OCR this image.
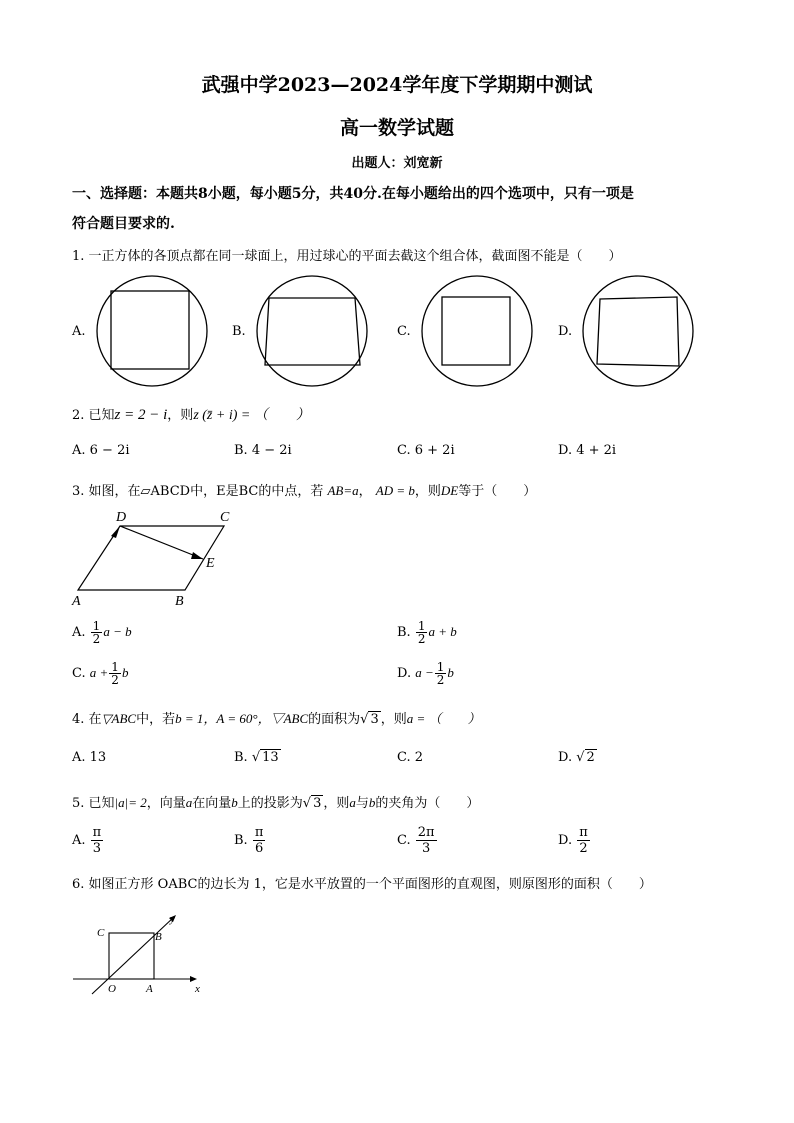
武强中学2023—2024学年度下学期期中测试
高一数学试题
出题人：刘宽新
一、选择题：本题共8小题，每小题5分，共40分.在每小题给出的四个选项中，只有一项是
符合题目要求的.
1. 一正方体的各顶点都在同一球面上，用过球心的平面去截这个组合体，截面图不能是（　　）
A.	B.	C.	D.
2. 已知z = 2 − i，则z (z̄ + i) = （　　）
A. 6 − 2i	B. 4 − 2i	C. 6 + 2i	D. 4 + 2i
3. 如图，在▱ABCD中，E是BC的中点，若 AB=a， AD = b，则DE等于（　　）
D	C
E
A	B
A. $\frac{1}{2}$ a − b	B. $\frac{1}{2}$ a + b
C. $a + \frac{1}{2}$ b	D. $a - \frac{1}{2}$ b
4. 在▽ABC中，若b = 1，A = 60°，▽ABC的面积为√ 3 ，则a = （　　）
A. 13	B. √ 13	C. 2	D. √ 2
5. 已知|a|= 2，向量a在向量b上的投影为√ 3 ，则a与b的夹角为（　　）
A. $\frac{\pi}{3}$	B. $\frac{\pi}{6}$	C. $\frac{2\pi}{3}$	D. $\frac{\pi}{2}$
6. 如图正方形 OABC的边长为 1，它是水平放置的一个平面图形的直观图，则原图形的面积（　　）
y
C	B
O	A	x
